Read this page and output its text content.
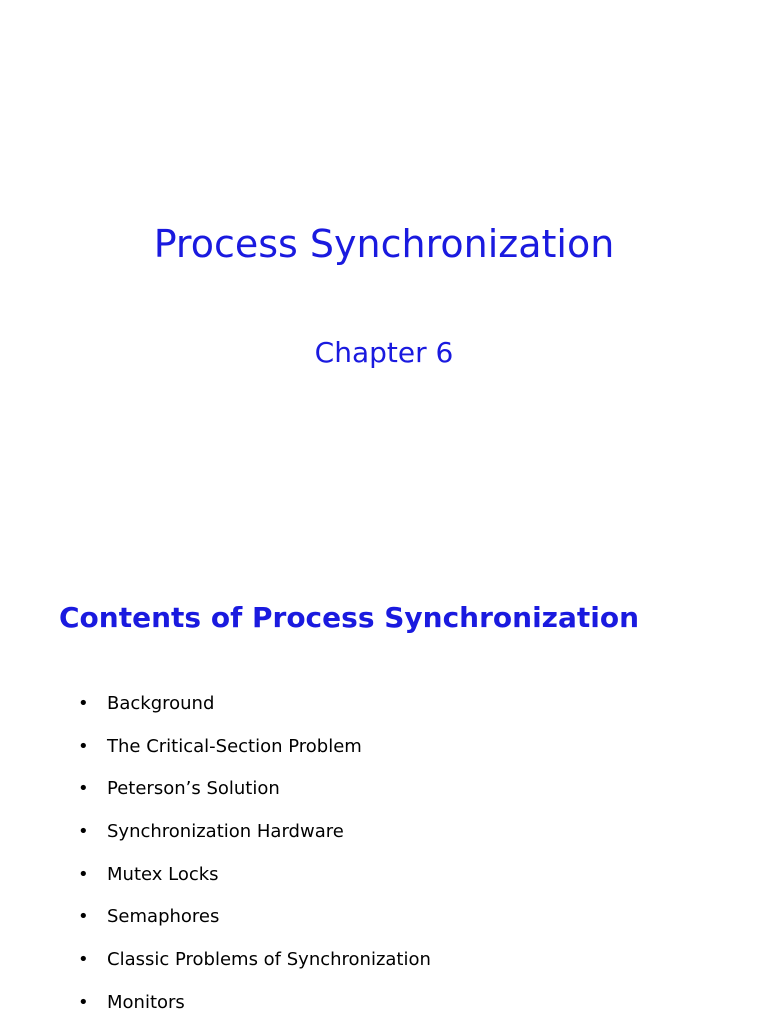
Process Synchronization
Chapter 6
Contents of Process Synchronization
• Background
• The Critical-Section Problem
• Peterson’s Solution
• Synchronization Hardware
• Mutex Locks
• Semaphores
• Classic Problems of Synchronization
• Monitors
